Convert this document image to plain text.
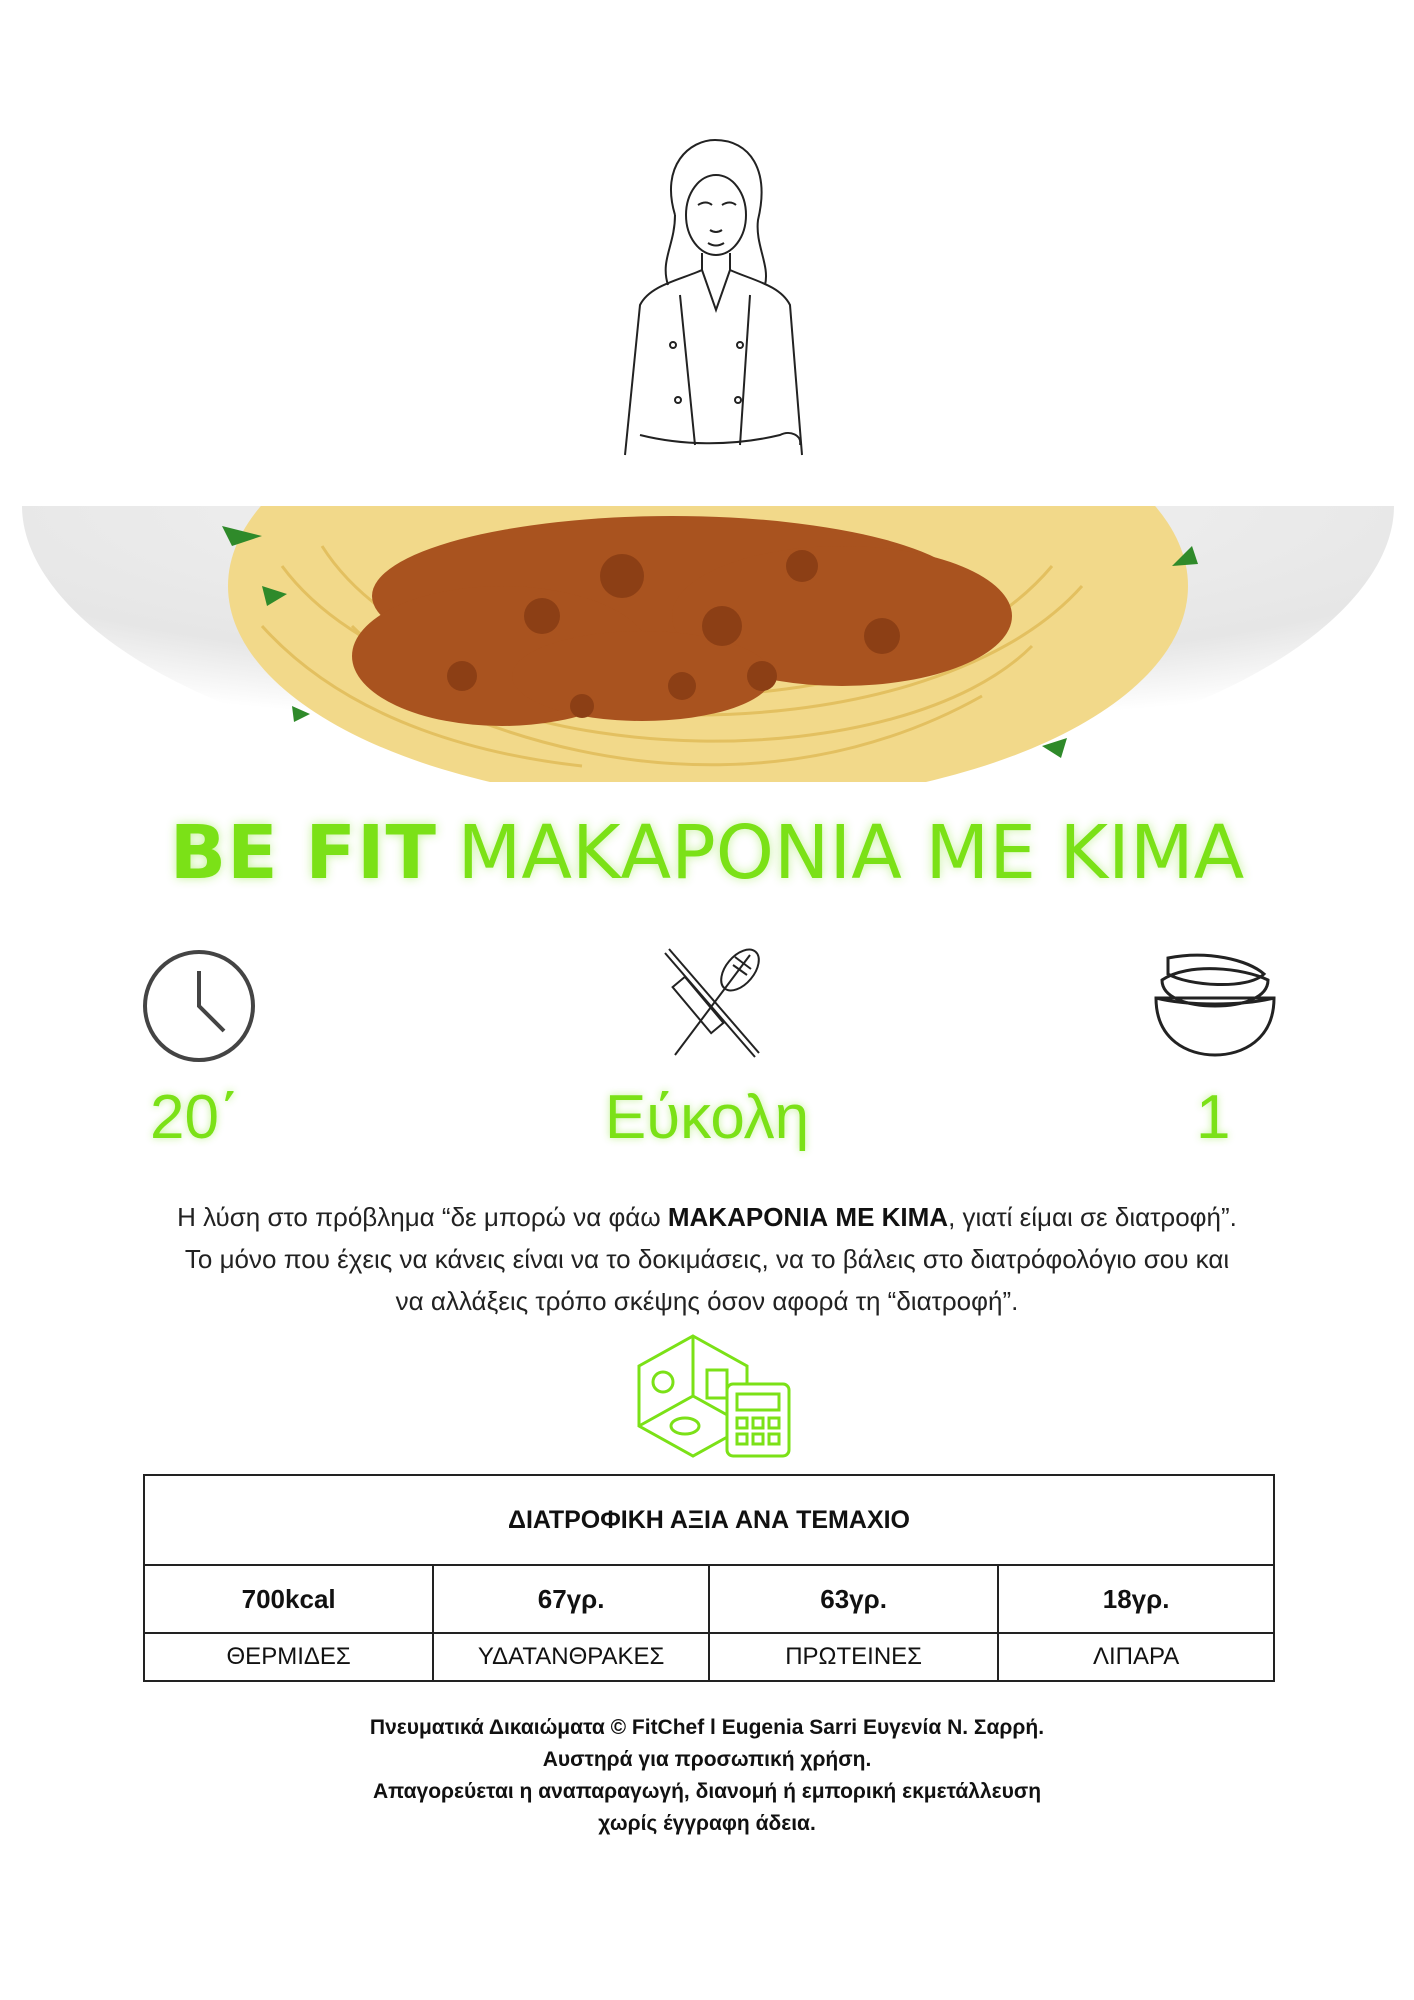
BE FIT ΜΑΚΑΡΟΝΙΑ ΜΕ ΚΙΜΑ
20΄	Εύκολη	1
Η λύση στο πρόβλημα “δε μπορώ να φάω ΜΑΚΑΡΟΝΙΑ ΜΕ ΚΙΜΑ, γιατί είμαι σε διατροφή”. Το μόνο που έχεις να κάνεις είναι να το δοκιμάσεις, να το βάλεις στο διατρόφολόγιο σου και να αλλάξεις τρόπο σκέψης όσον αφορά τη “διατροφή”.
ΔΙΑΤΡΟΦΙΚΗ ΑΞΙΑ ΑΝΑ ΤΕΜΑΧΙΟ			
700kcal	67γρ.	63γρ.	18γρ.
ΘΕΡΜΙΔΕΣ	ΥΔΑΤΑΝΘΡΑΚΕΣ	ΠΡΩΤΕΙΝΕΣ	ΛΙΠΑΡΑ
Πνευματικά Δικαιώματα © FitChef l Eugenia Sarri Ευγενία Ν. Σαρρή.
Αυστηρά για προσωπική χρήση.
Απαγορεύεται η αναπαραγωγή, διανομή ή εμπορική εκμετάλλευση
χωρίς έγγραφη άδεια.
